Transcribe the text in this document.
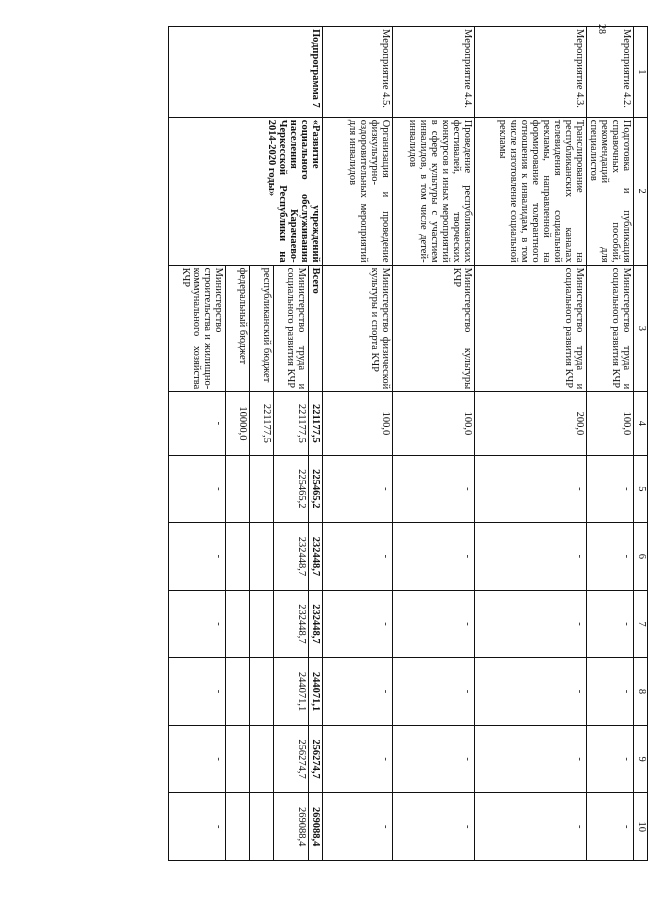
28
1	2	3	4	5	6	7	8	9	10
Мероприятие 4.2.	Подготовка и публикация справочных пособий, рекомендаций для специалистов	Министерство труда и социального развития КЧР	100,0	-	-	-	-	-	-
Мероприятие 4.3.	Транслирование на республиканских каналах телевидения социальной рекламы, направленной на формирование толерантного отношения к инвалидам, в том числе изготовление социальной рекламы	Министерство труда и социального развития КЧР	200,0	-	-	-	-	-	-
Мероприятие 4.4.	Проведение республиканских фестивалей, творческих конкурсов и иных мероприятий в сфере культуры с участием инвалидов, в том числе детей-инвалидов	Министерство культуры КЧР	100,0	-	-	-	-	-	-
Мероприятие 4.5.	Организация и проведение физкультурно-оздоровительных мероприятий для инвалидов	Министерство физической культуры и спорта КЧР	100,0	-	-	-	-	-	-
Подпрограмма 7	«Развитие учреждений социального обслуживания населения Карачаево-Черкесской Республики на 2014-2020 годы»	Всего	221177,5	225465,2	232448,7	232448,7	244071,1	256274,7	269088,4
		Министерство труда и социального развития КЧР	221177,5	225465,2	232448,7	232448,7	244071,1	256274,7	269088,4
		республиканский бюджет	221177,5						
		федеральный бюджет	10000,0						
		Министерство строительства и жилищно-коммунального хозяйства КЧР	-	-	-	-	-	-	-
